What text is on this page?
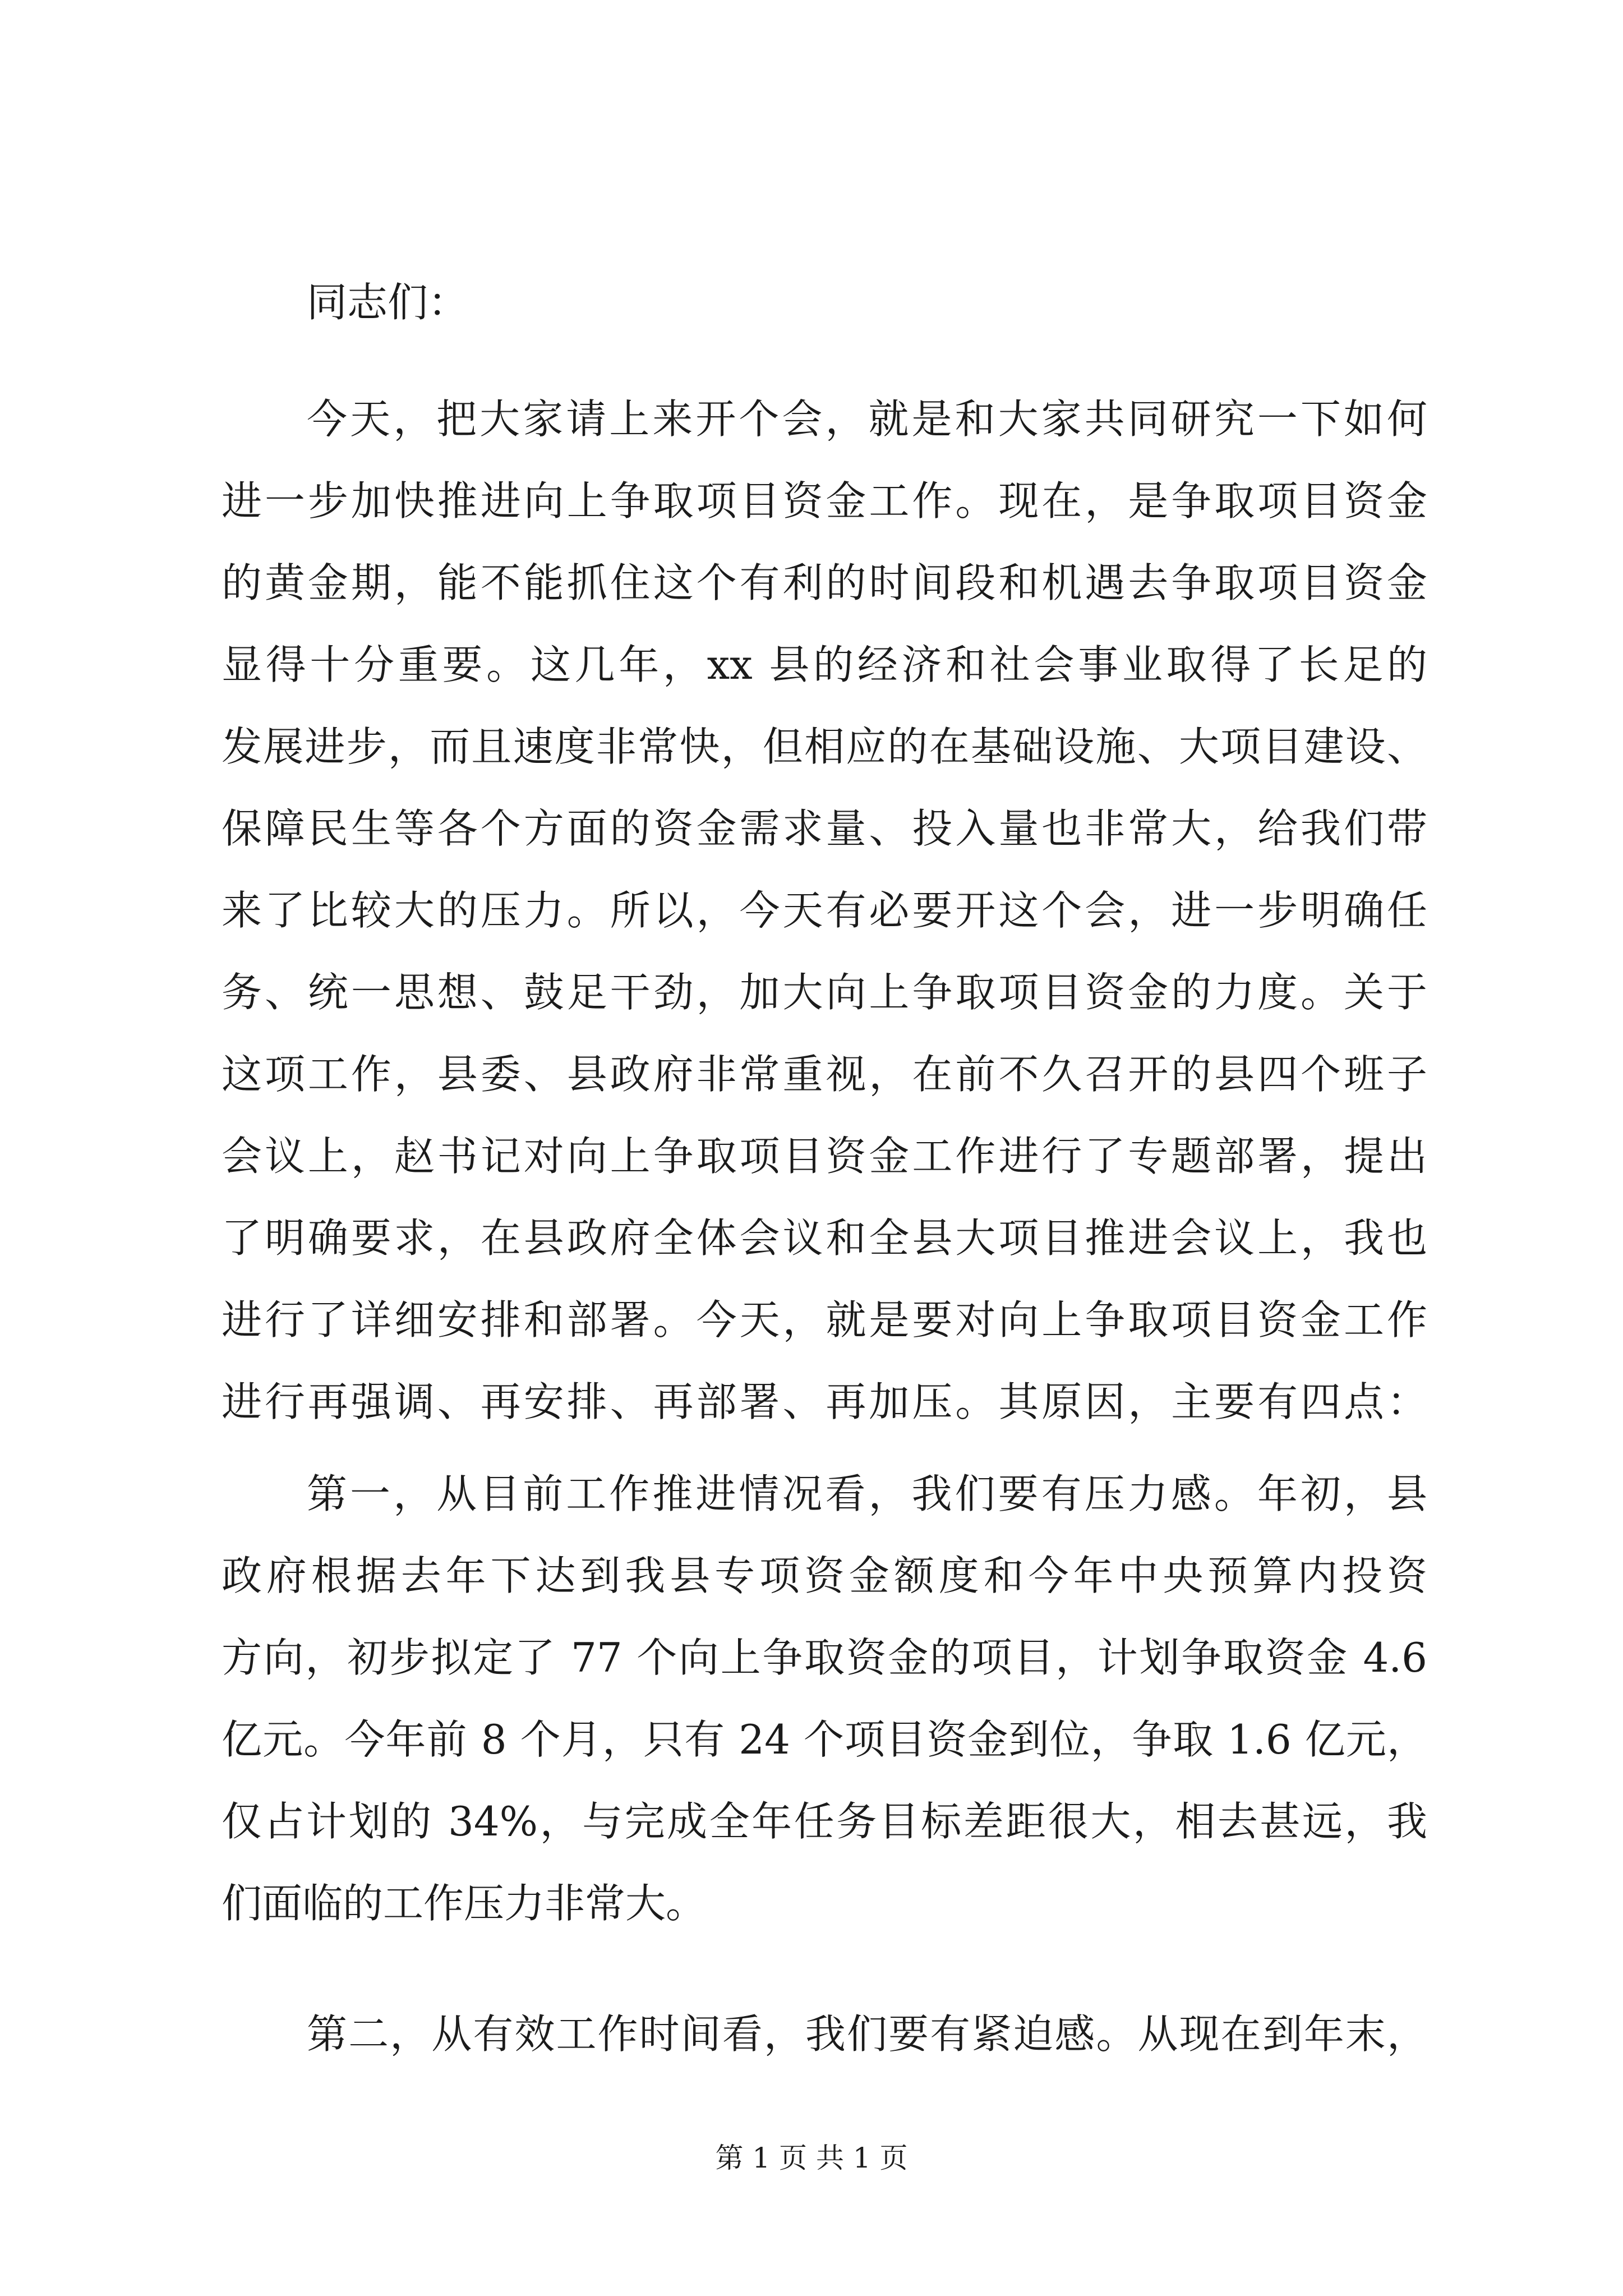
同志们：
今天，把大家请上来开个会，就是和大家共同研究一下如何
进一步加快推进向上争取项目资金工作。现在，是争取项目资金
的黄金期，能不能抓住这个有利的时间段和机遇去争取项目资金
显得十分重要。这几年，xx 县的经济和社会事业取得了长足的
发展进步，而且速度非常快，但相应的在基础设施、大项目建设、
保障民生等各个方面的资金需求量、投入量也非常大，给我们带
来了比较大的压力。所以，今天有必要开这个会，进一步明确任
务、统一思想、鼓足干劲，加大向上争取项目资金的力度。关于
这项工作，县委、县政府非常重视，在前不久召开的县四个班子
会议上，赵书记对向上争取项目资金工作进行了专题部署，提出
了明确要求，在县政府全体会议和全县大项目推进会议上，我也
进行了详细安排和部署。今天，就是要对向上争取项目资金工作
进行再强调、再安排、再部署、再加压。其原因，主要有四点：
第一，从目前工作推进情况看，我们要有压力感。年初，县
政府根据去年下达到我县专项资金额度和今年中央预算内投资
方向，初步拟定了 77 个向上争取资金的项目，计划争取资金 4.6
亿元。今年前 8 个月，只有 24 个项目资金到位，争取 1.6 亿元，
仅占计划的 34%，与完成全年任务目标差距很大，相去甚远，我
们面临的工作压力非常大。
第二，从有效工作时间看，我们要有紧迫感。从现在到年末，
第 1 页 共 1 页
